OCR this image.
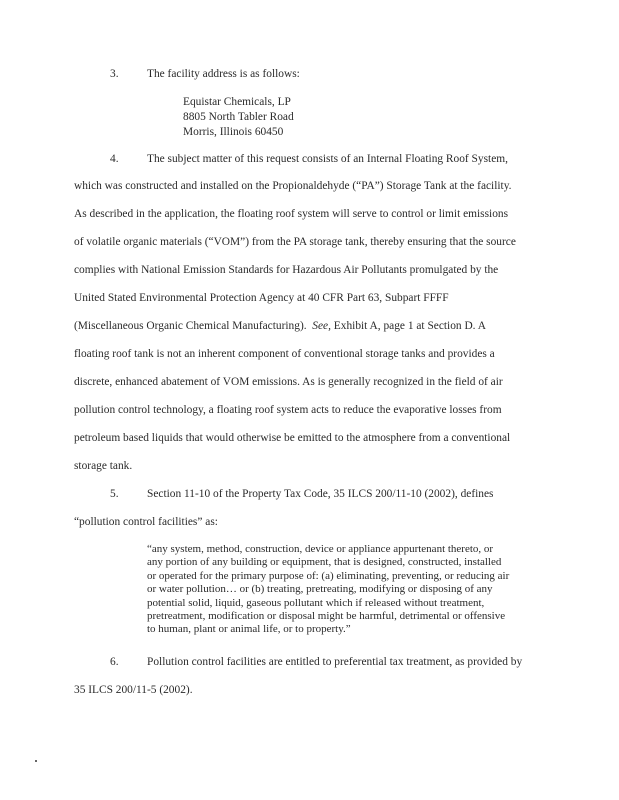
3. The facility address is as follows:
Equistar Chemicals, LP
8805 North Tabler Road
Morris, Illinois 60450
4. The subject matter of this request consists of an Internal Floating Roof System,
which was constructed and installed on the Propionaldehyde (“PA”) Storage Tank at the facility.
As described in the application, the floating roof system will serve to control or limit emissions
of volatile organic materials (“VOM”) from the PA storage tank, thereby ensuring that the source
complies with National Emission Standards for Hazardous Air Pollutants promulgated by the
United Stated Environmental Protection Agency at 40 CFR Part 63, Subpart FFFF
(Miscellaneous Organic Chemical Manufacturing). See, Exhibit A, page 1 at Section D. A
floating roof tank is not an inherent component of conventional storage tanks and provides a
discrete, enhanced abatement of VOM emissions. As is generally recognized in the field of air
pollution control technology, a floating roof system acts to reduce the evaporative losses from
petroleum based liquids that would otherwise be emitted to the atmosphere from a conventional
storage tank.
5. Section 11-10 of the Property Tax Code, 35 ILCS 200/11-10 (2002), defines
“pollution control facilities” as:
“any system, method, construction, device or appliance appurtenant thereto, or
any portion of any building or equipment, that is designed, constructed, installed
or operated for the primary purpose of: (a) eliminating, preventing, or reducing air
or water pollution… or (b) treating, pretreating, modifying or disposing of any
potential solid, liquid, gaseous pollutant which if released without treatment,
pretreatment, modification or disposal might be harmful, detrimental or offensive
to human, plant or animal life, or to property.”
6. Pollution control facilities are entitled to preferential tax treatment, as provided by
35 ILCS 200/11-5 (2002).
